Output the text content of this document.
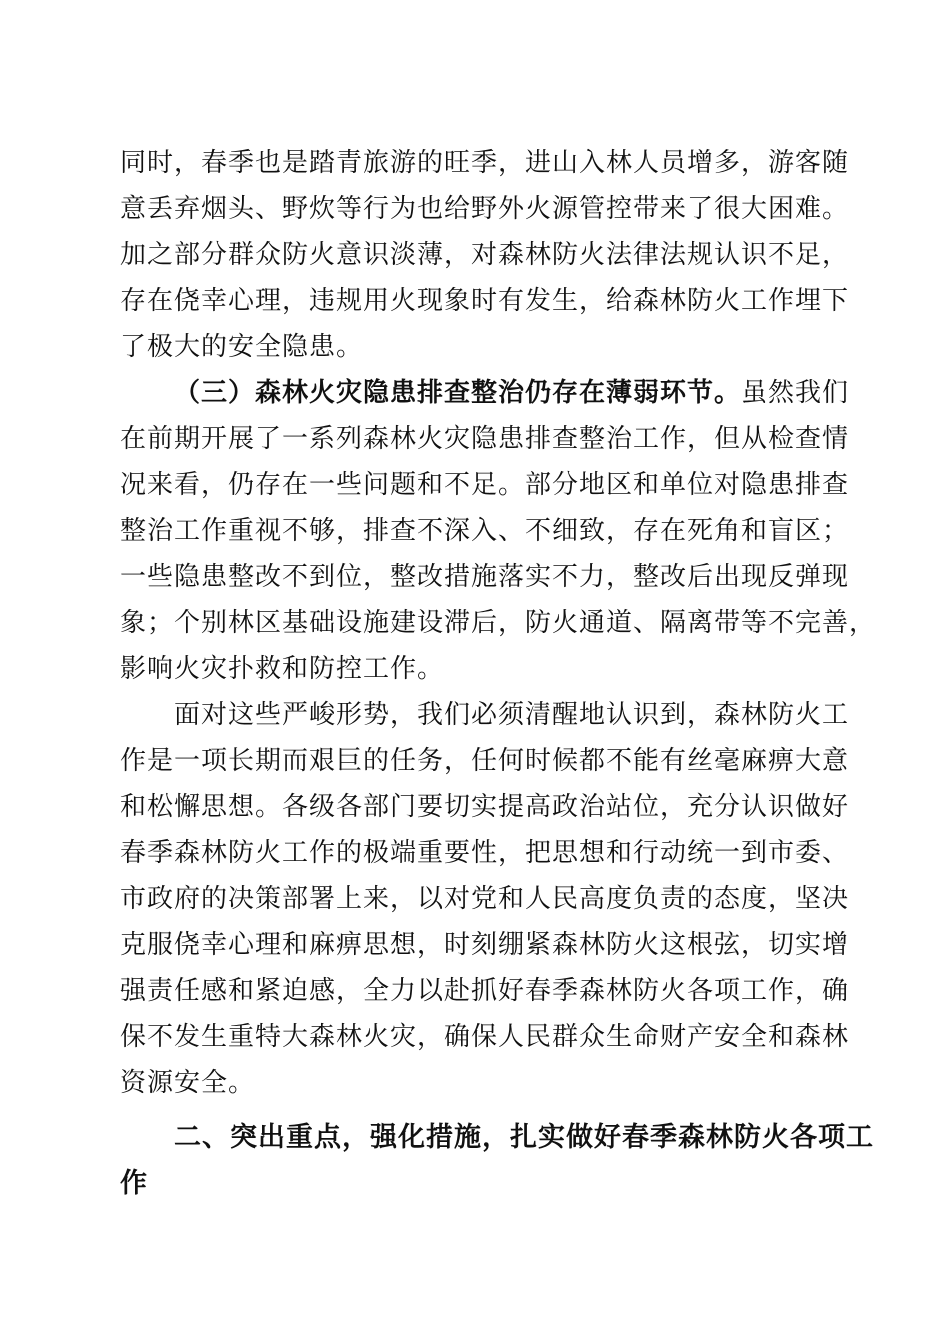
同时，春季也是踏青旅游的旺季，进山入林人员增多，游客随
意丢弃烟头、野炊等行为也给野外火源管控带来了很大困难。
加之部分群众防火意识淡薄，对森林防火法律法规认识不足，
存在侥幸心理，违规用火现象时有发生，给森林防火工作埋下
了极大的安全隐患。
（三）森林火灾隐患排查整治仍存在薄弱环节。虽然我们
在前期开展了一系列森林火灾隐患排查整治工作，但从检查情
况来看，仍存在一些问题和不足。部分地区和单位对隐患排查
整治工作重视不够，排查不深入、不细致，存在死角和盲区；
一些隐患整改不到位，整改措施落实不力，整改后出现反弹现
象；个别林区基础设施建设滞后，防火通道、隔离带等不完善，
影响火灾扑救和防控工作。
面对这些严峻形势，我们必须清醒地认识到，森林防火工
作是一项长期而艰巨的任务，任何时候都不能有丝毫麻痹大意
和松懈思想。各级各部门要切实提高政治站位，充分认识做好
春季森林防火工作的极端重要性，把思想和行动统一到市委、
市政府的决策部署上来，以对党和人民高度负责的态度，坚决
克服侥幸心理和麻痹思想，时刻绷紧森林防火这根弦，切实增
强责任感和紧迫感，全力以赴抓好春季森林防火各项工作，确
保不发生重特大森林火灾，确保人民群众生命财产安全和森林
资源安全。
二、突出重点，强化措施，扎实做好春季森林防火各项工
作
